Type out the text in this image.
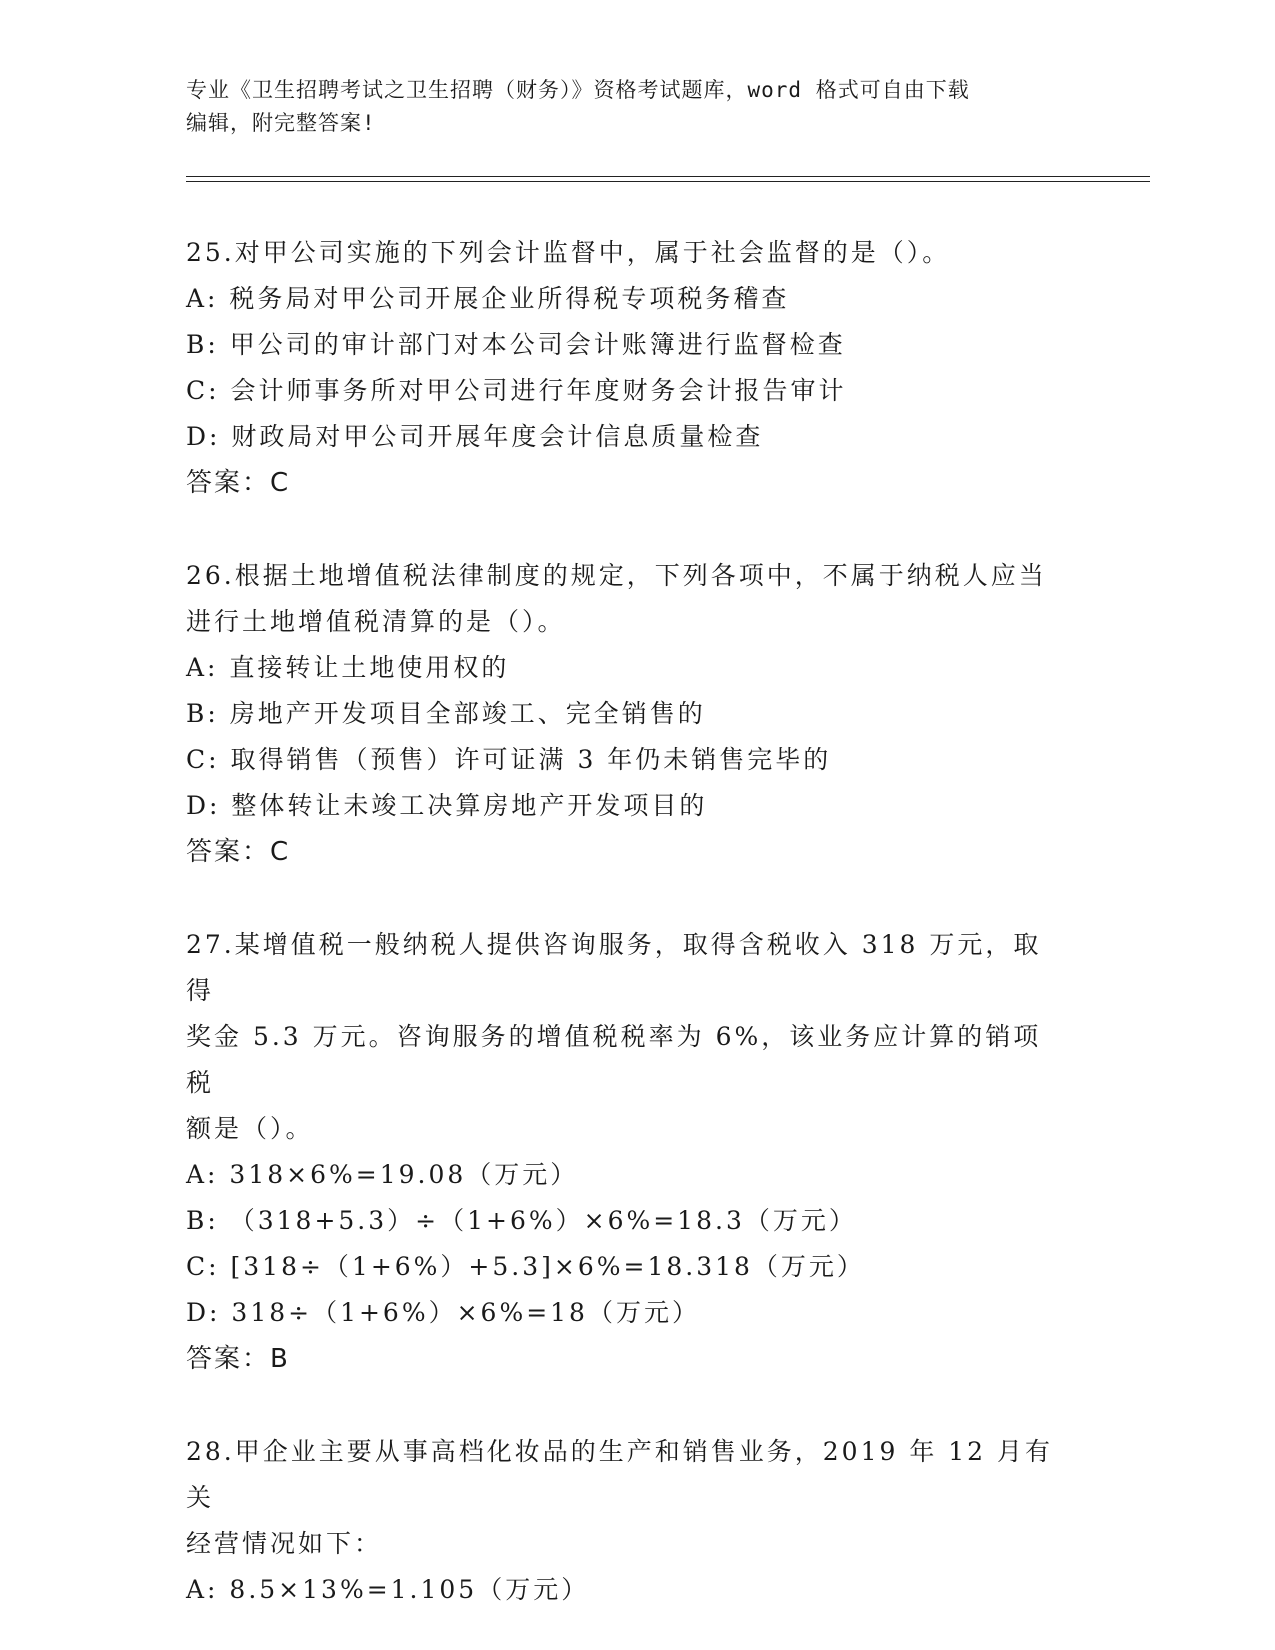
专业《卫生招聘考试之卫生招聘（财务）》资格考试题库，word 格式可自由下载
编辑，附完整答案!
25.对甲公司实施的下列会计监督中，属于社会监督的是（）。
A: 税务局对甲公司开展企业所得税专项税务稽查
B: 甲公司的审计部门对本公司会计账簿进行监督检查
C: 会计师事务所对甲公司进行年度财务会计报告审计
D: 财政局对甲公司开展年度会计信息质量检查
答案：C
26.根据土地增值税法律制度的规定，下列各项中，不属于纳税人应当
进行土地增值税清算的是（）。
A: 直接转让土地使用权的
B: 房地产开发项目全部竣工、完全销售的
C: 取得销售（预售）许可证满 3 年仍未销售完毕的
D: 整体转让未竣工决算房地产开发项目的
答案：C
27.某增值税一般纳税人提供咨询服务，取得含税收入 318 万元，取得
奖金 5.3 万元。咨询服务的增值税税率为 6%，该业务应计算的销项税
额是（）。
A: 318×6%=19.08（万元）
B: （318+5.3）÷（1+6%）×6%=18.3（万元）
C: [318÷（1+6%）+5.3]×6%=18.318（万元）
D: 318÷（1+6%）×6%=18（万元）
答案：B
28.甲企业主要从事高档化妆品的生产和销售业务，2019 年 12 月有关
经营情况如下：
A: 8.5×13%=1.105（万元）
